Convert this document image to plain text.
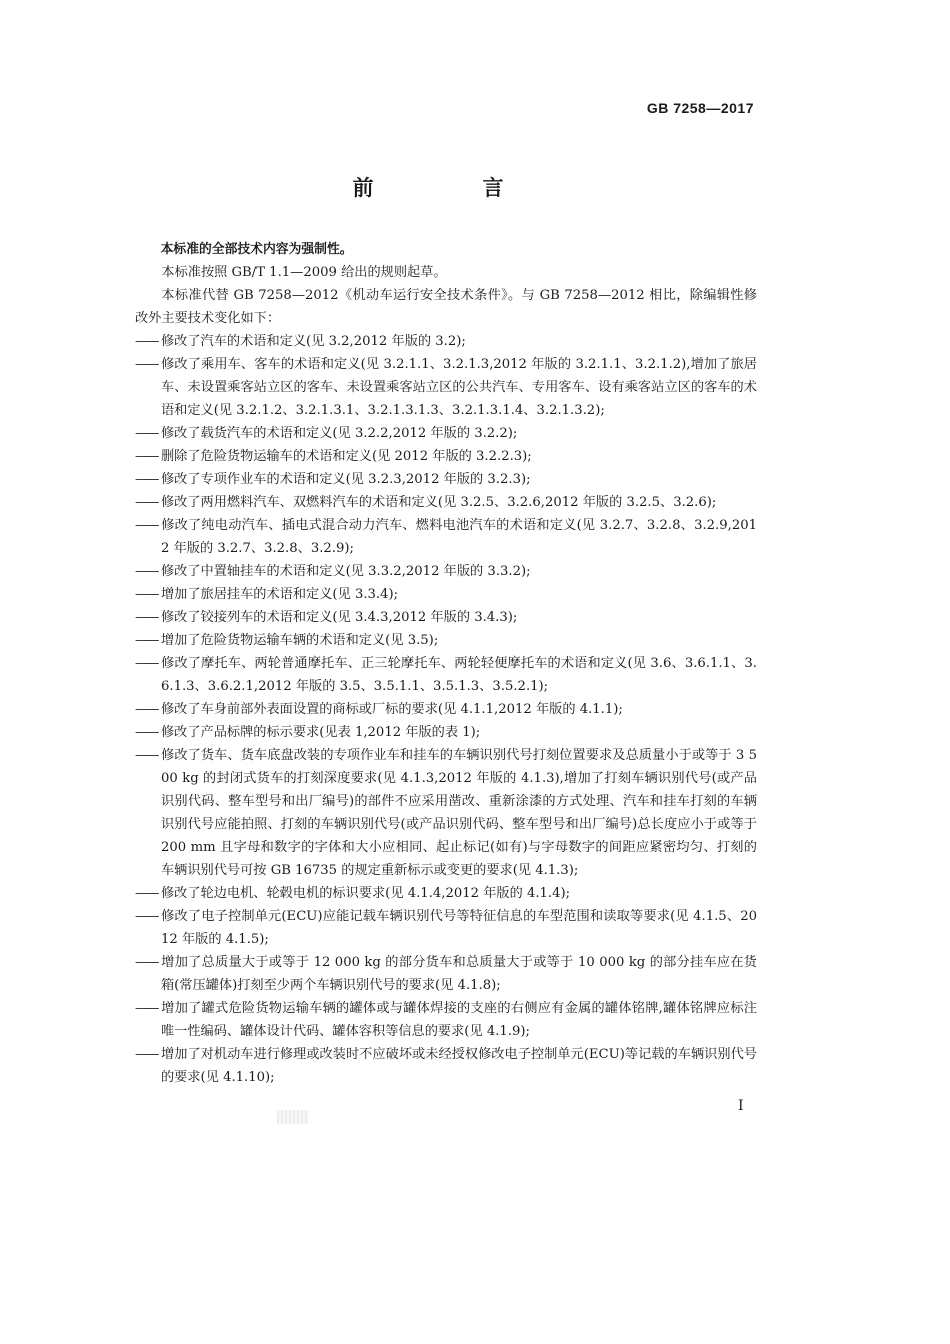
GB 7258—2017
前　言

本标准的全部技术内容为强制性。

本标准按照 GB/T 1.1—2009 给出的规则起草。

本标准代替 GB 7258—2012《机动车运行安全技术条件》。与 GB 7258—2012 相比，除编辑性修改外主要技术变化如下：

—— 修改了汽车的术语和定义(见 3.2,2012 年版的 3.2);

—— 修改了乘用车、客车的术语和定义(见 3.2.1.1、3.2.1.3,2012 年版的 3.2.1.1、3.2.1.2),增加了旅居车、未设置乘客站立区的客车、未设置乘客站立区的公共汽车、专用客车、设有乘客站立区的客车的术语和定义(见 3.2.1.2、3.2.1.3.1、3.2.1.3.1.3、3.2.1.3.1.4、3.2.1.3.2);

—— 修改了载货汽车的术语和定义(见 3.2.2,2012 年版的 3.2.2);

—— 删除了危险货物运输车的术语和定义(见 2012 年版的 3.2.2.3);

—— 修改了专项作业车的术语和定义(见 3.2.3,2012 年版的 3.2.3);

—— 修改了两用燃料汽车、双燃料汽车的术语和定义(见 3.2.5、3.2.6,2012 年版的 3.2.5、3.2.6);

—— 修改了纯电动汽车、插电式混合动力汽车、燃料电池汽车的术语和定义(见 3.2.7、3.2.8、3.2.9,2012 年版的 3.2.7、3.2.8、3.2.9);

—— 修改了中置轴挂车的术语和定义(见 3.3.2,2012 年版的 3.3.2);

—— 增加了旅居挂车的术语和定义(见 3.3.4);

—— 修改了铰接列车的术语和定义(见 3.4.3,2012 年版的 3.4.3);

—— 增加了危险货物运输车辆的术语和定义(见 3.5);

—— 修改了摩托车、两轮普通摩托车、正三轮摩托车、两轮轻便摩托车的术语和定义(见 3.6、3.6.1.1、3.6.1.3、3.6.2.1,2012 年版的 3.5、3.5.1.1、3.5.1.3、3.5.2.1);

—— 修改了车身前部外表面设置的商标或厂标的要求(见 4.1.1,2012 年版的 4.1.1);

—— 修改了产品标牌的标示要求(见表 1,2012 年版的表 1);

—— 修改了货车、货车底盘改装的专项作业车和挂车的车辆识别代号打刻位置要求及总质量小于或等于 3 500 kg 的封闭式货车的打刻深度要求(见 4.1.3,2012 年版的 4.1.3),增加了打刻车辆识别代号(或产品识别代码、整车型号和出厂编号)的部件不应采用凿改、重新涂漆的方式处理、汽车和挂车打刻的车辆识别代号应能拍照、打刻的车辆识别代号(或产品识别代码、整车型号和出厂编号)总长度应小于或等于 200 mm 且字母和数字的字体和大小应相同、起止标记(如有)与字母数字的间距应紧密均匀、打刻的车辆识别代号可按 GB 16735 的规定重新标示或变更的要求(见 4.1.3);

—— 修改了轮边电机、轮毂电机的标识要求(见 4.1.4,2012 年版的 4.1.4);

—— 修改了电子控制单元(ECU)应能记载车辆识别代号等特征信息的车型范围和读取等要求(见 4.1.5、2012 年版的 4.1.5);

—— 增加了总质量大于或等于 12 000 kg 的部分货车和总质量大于或等于 10 000 kg 的部分挂车应在货箱(常压罐体)打刻至少两个车辆识别代号的要求(见 4.1.8);

—— 增加了罐式危险货物运输车辆的罐体或与罐体焊接的支座的右侧应有金属的罐体铭牌,罐体铭牌应标注唯一性编码、罐体设计代码、罐体容积等信息的要求(见 4.1.9);

—— 增加了对机动车进行修理或改装时不应破坏或未经授权修改电子控制单元(ECU)等记载的车辆识别代号的要求(见 4.1.10);

I
